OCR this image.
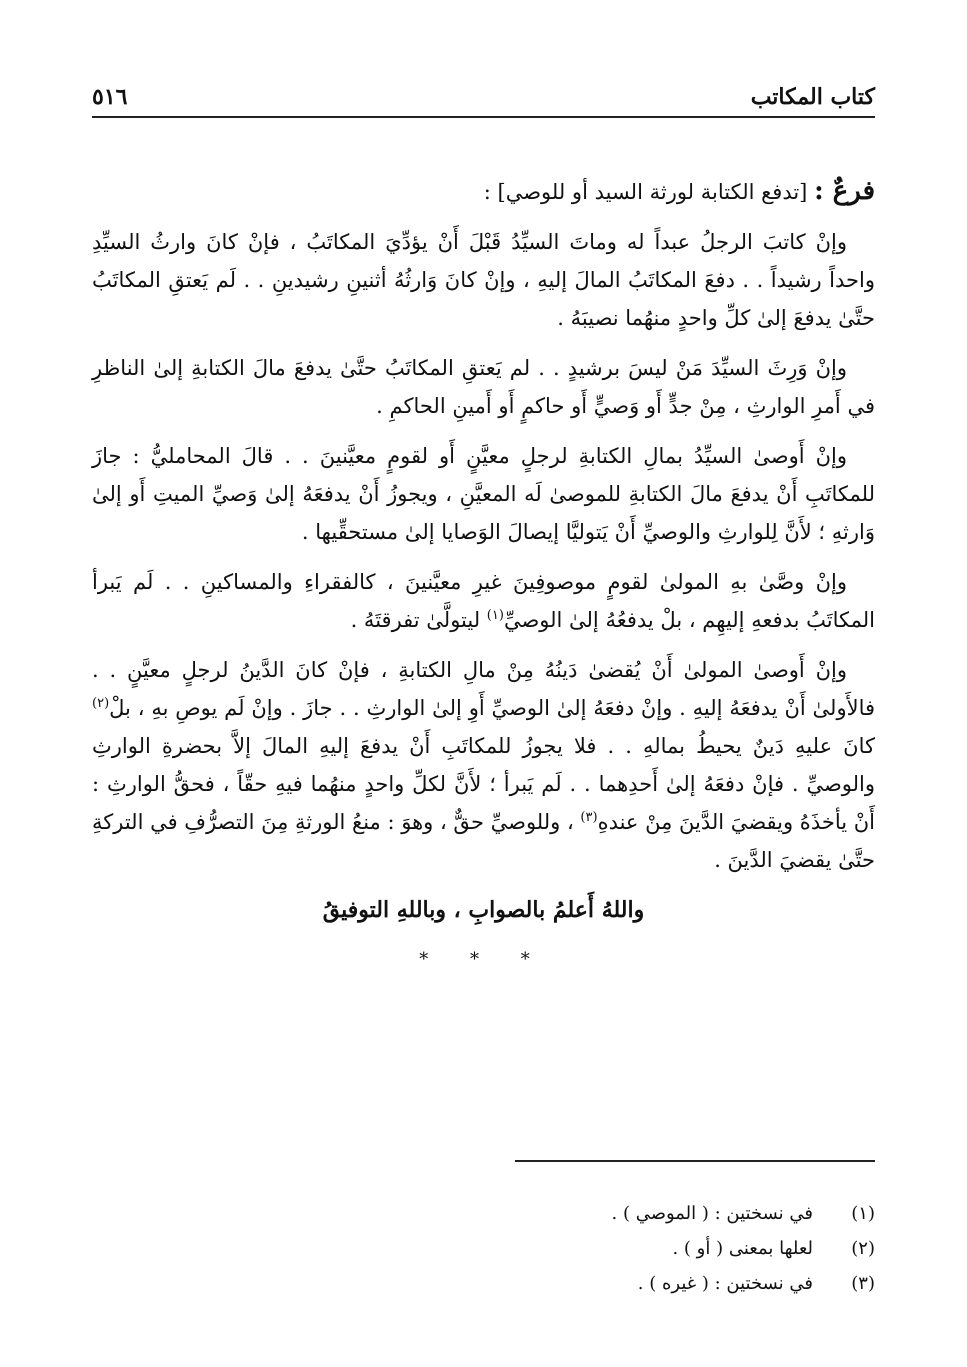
كتاب المكاتب
٥١٦

فرعٌ : [تدفع الكتابة لورثة السيد أو للوصي] :

وإنْ كاتبَ الرجلُ عبداً له وماتَ السيِّدُ قَبْلَ أَنْ يؤدِّيَ المكاتَبُ ، فإنْ كانَ وارثُ السيِّدِ واحداً رشيداً . . دفعَ المكاتَبُ المالَ إليهِ ، وإنْ كانَ وَارثُهُ أثنينِ رشيدينِ . . لَم يَعتقِ المكاتَبُ حتَّىٰ يدفعَ إلىٰ كلِّ واحدٍ منهُما نصيبَهُ .

وإنْ وَرِثَ السيِّدَ مَنْ ليسَ برشيدٍ . . لم يَعتقِ المكاتَبُ حتَّىٰ يدفعَ مالَ الكتابةِ إلىٰ الناظرِ في أَمرِ الوارثِ ، مِنْ جدٍّ أَو وَصيٍّ أَو حاكمٍ أَو أَمينِ الحاكمِ .

وإنْ أَوصىٰ السيِّدُ بمالِ الكتابةِ لرجلٍ معيَّنٍ أَو لقومٍ معيَّنينَ . . قالَ المحامليُّ : جازَ للمكاتَبِ أَنْ يدفعَ مالَ الكتابةِ للموصىٰ لَه المعيَّنِ ، ويجوزُ أَنْ يدفعَهُ إلىٰ وَصيِّ الميتِ أَو إلىٰ وَارثهِ ؛ لأَنَّ لِلوارثِ والوصيِّ أَنْ يَتوليَّا إيصالَ الوَصايا إلىٰ مستحقِّيها .

وإنْ وصَّىٰ بهِ المولىٰ لقومٍ موصوفِينَ غيرِ معيَّنينَ ، كالفقراءِ والمساكينِ . . لَم يَبرأ المكاتَبُ بدفعهِ إليهِم ، بلْ يدفعُهُ إلىٰ الوصيِّ$^{(١)}$ ليتولَّىٰ تفرقتَهُ .

وإنْ أَوصىٰ المولىٰ أَنْ يُقضىٰ دَينُهُ مِنْ مالِ الكتابةِ ، فإنْ كانَ الدَّينُ لرجلٍ معيَّنٍ . . فالأَولىٰ أَنْ يدفعَهُ إليهِ . وإنْ دفعَهُ إلىٰ الوصيِّ أَوِ إلىٰ الوارثِ . . جازَ . وإنْ لَم يوصِ بهِ ، بلْ$^{(٢)}$ كانَ عليهِ دَينٌ يحيطُ بمالهِ . . فلا يجوزُ للمكاتَبِ أَنْ يدفعَ إليهِ المالَ إلاَّ بحضرةِ الوارثِ والوصيِّ . فإنْ دفعَهُ إلىٰ أَحدِهما . . لَم يَبرأ ؛ لأَنَّ لكلِّ واحدٍ منهُما فيهِ حقّاً ، فحقُّ الوارثِ : أَنْ يأخذَهُ ويقضيَ الدَّينَ مِنْ عندهِ$^{(٣)}$ ، وللوصيِّ حقٌّ ، وهوَ : منعُ الورثةِ مِنَ التصرُّفِ في التركةِ حتَّىٰ يقضيَ الدَّينَ .

واللهُ أَعلمُ بالصوابِ ، وباللهِ التوفيقُ

* * *

(١)
في نسختين : ( الموصي ) .
(٢)
لعلها بمعنى ( أو ) .
(٣)
في نسختين : ( غيره ) .
